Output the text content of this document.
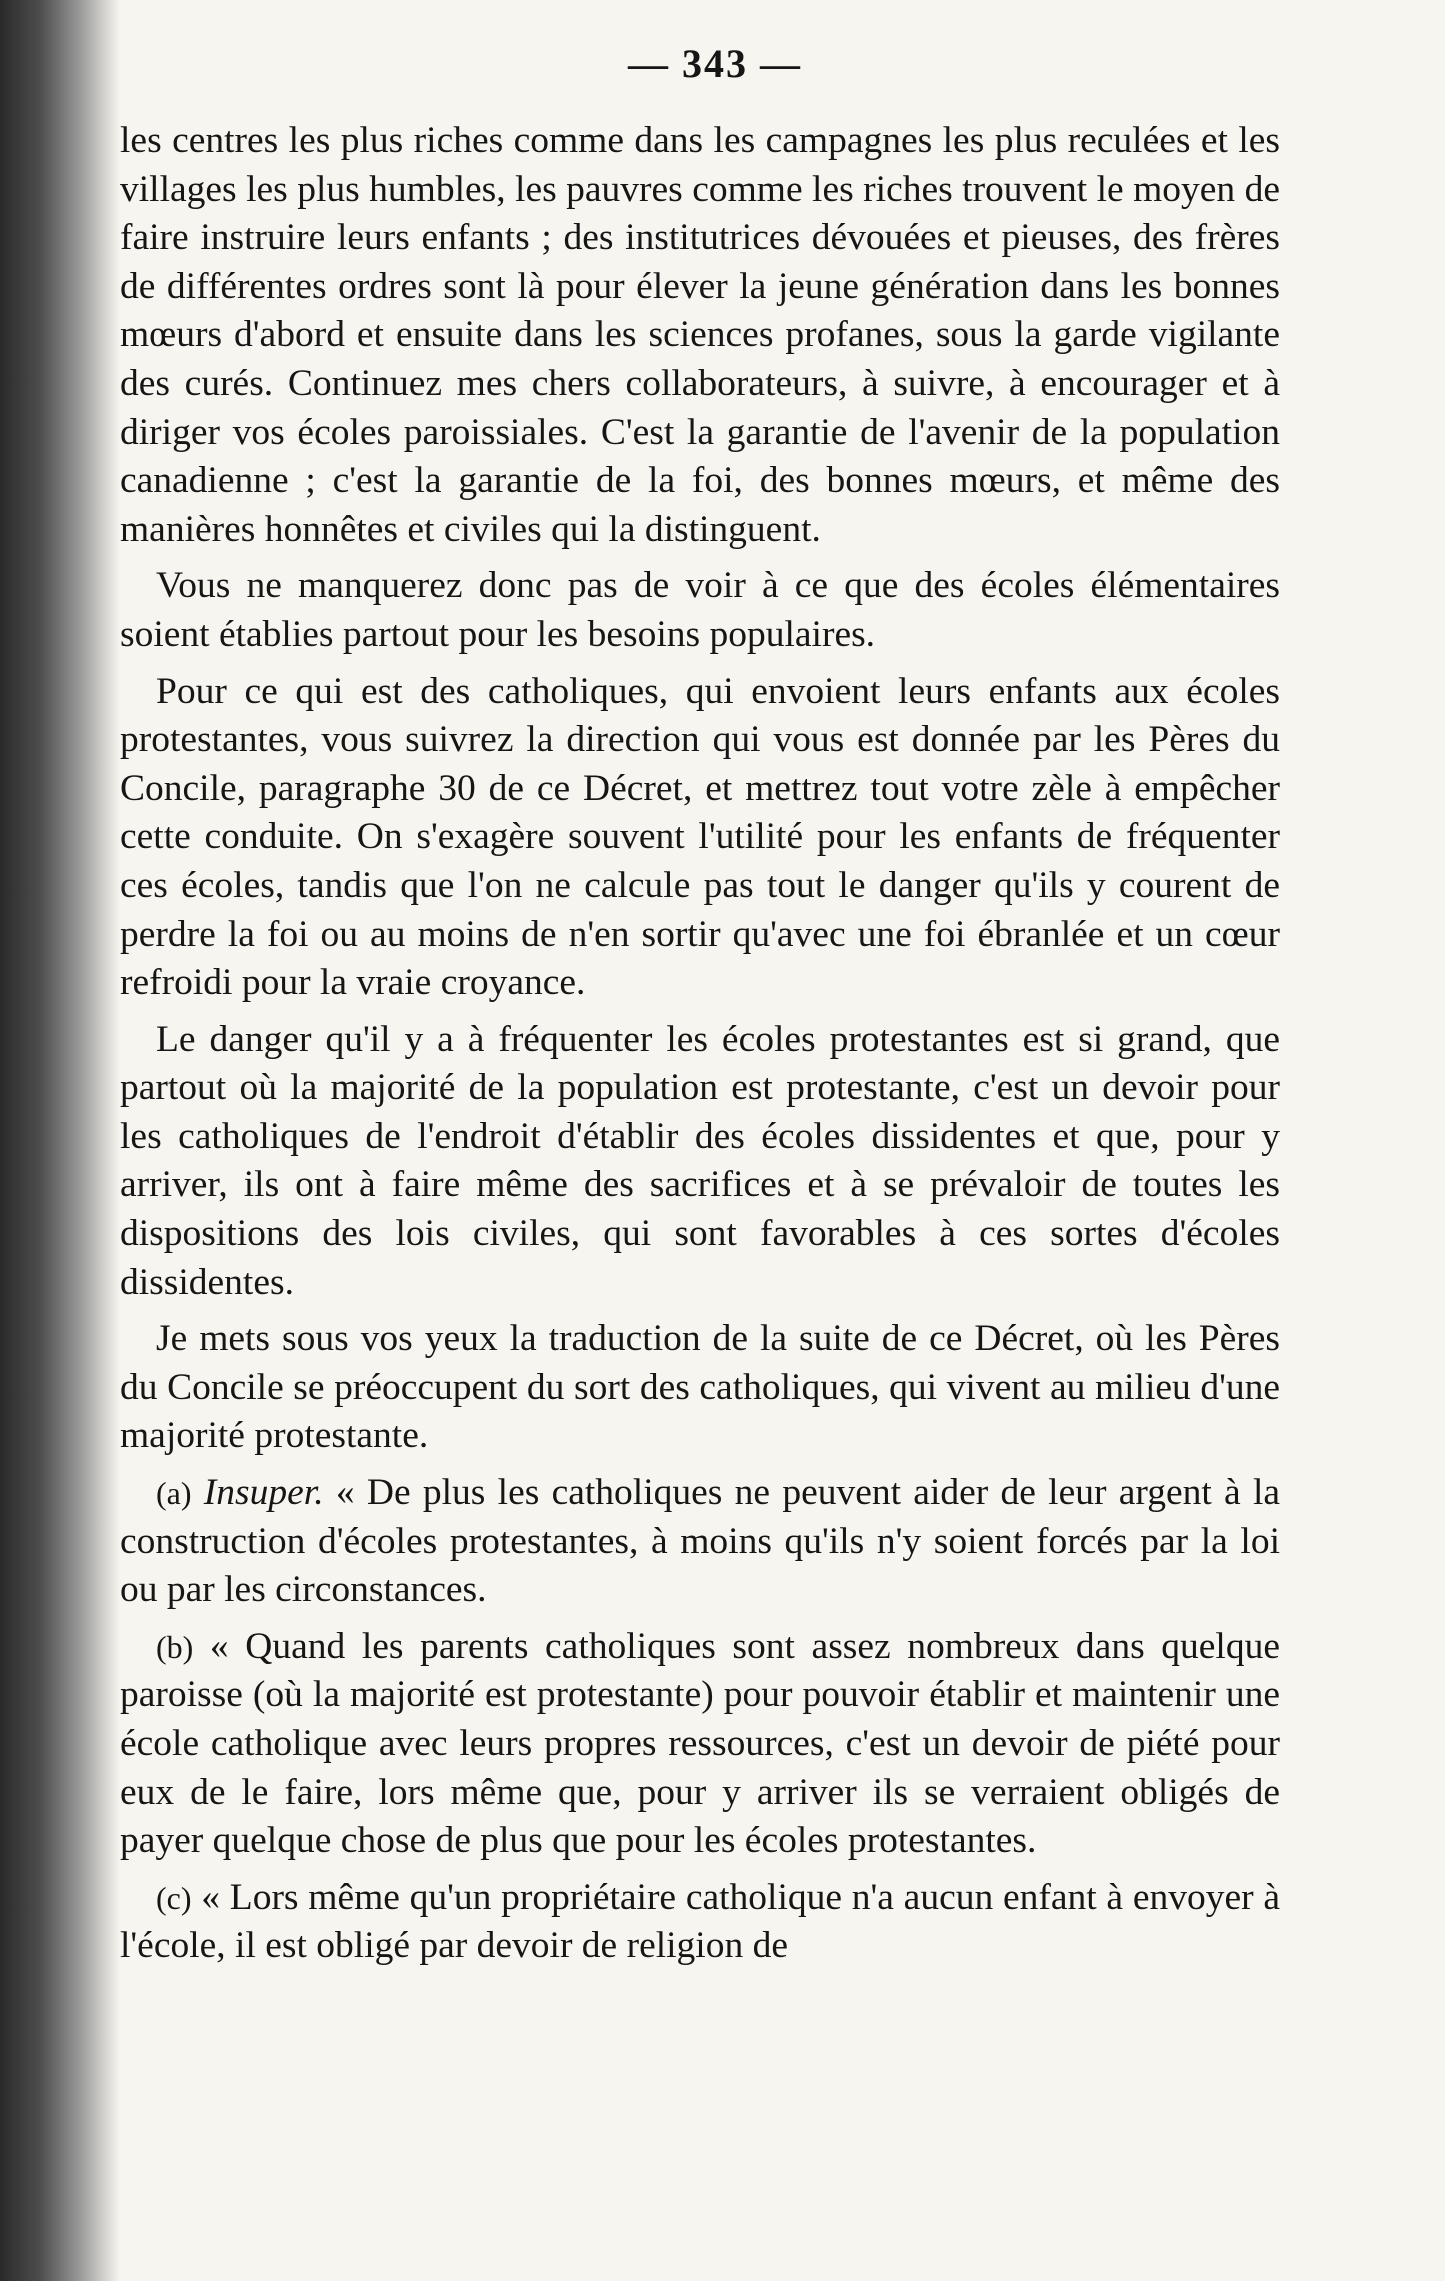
— 343 —

les centres les plus riches comme dans les campagnes les plus reculées et les villages les plus humbles, les pauvres comme les riches trouvent le moyen de faire instruire leurs enfants ; des institutrices dévouées et pieuses, des frères de différentes ordres sont là pour élever la jeune génération dans les bonnes mœurs d'abord et ensuite dans les sciences profanes, sous la garde vigilante des curés. Continuez mes chers collaborateurs, à suivre, à encourager et à diriger vos écoles paroissiales. C'est la garantie de l'avenir de la population canadienne ; c'est la garantie de la foi, des bonnes mœurs, et même des manières honnêtes et civiles qui la distinguent.

Vous ne manquerez donc pas de voir à ce que des écoles élémentaires soient établies partout pour les besoins populaires.

Pour ce qui est des catholiques, qui envoient leurs enfants aux écoles protestantes, vous suivrez la direction qui vous est donnée par les Pères du Concile, paragraphe 30 de ce Décret, et mettrez tout votre zèle à empêcher cette conduite. On s'exagère souvent l'utilité pour les enfants de fréquenter ces écoles, tandis que l'on ne calcule pas tout le danger qu'ils y courent de perdre la foi ou au moins de n'en sortir qu'avec une foi ébranlée et un cœur refroidi pour la vraie croyance.

Le danger qu'il y a à fréquenter les écoles protestantes est si grand, que partout où la majorité de la population est protestante, c'est un devoir pour les catholiques de l'endroit d'établir des écoles dissidentes et que, pour y arriver, ils ont à faire même des sacrifices et à se prévaloir de toutes les dispositions des lois civiles, qui sont favorables à ces sortes d'écoles dissidentes.

Je mets sous vos yeux la traduction de la suite de ce Décret, où les Pères du Concile se préoccupent du sort des catholiques, qui vivent au milieu d'une majorité protestante.

(a) Insuper. « De plus les catholiques ne peuvent aider de leur argent à la construction d'écoles protestantes, à moins qu'ils n'y soient forcés par la loi ou par les circonstances.

(b) « Quand les parents catholiques sont assez nombreux dans quelque paroisse (où la majorité est protestante) pour pouvoir établir et maintenir une école catholique avec leurs propres ressources, c'est un devoir de piété pour eux de le faire, lors même que, pour y arriver ils se verraient obligés de payer quelque chose de plus que pour les écoles protestantes.

(c) « Lors même qu'un propriétaire catholique n'a aucun enfant à envoyer à l'école, il est obligé par devoir de religion de
